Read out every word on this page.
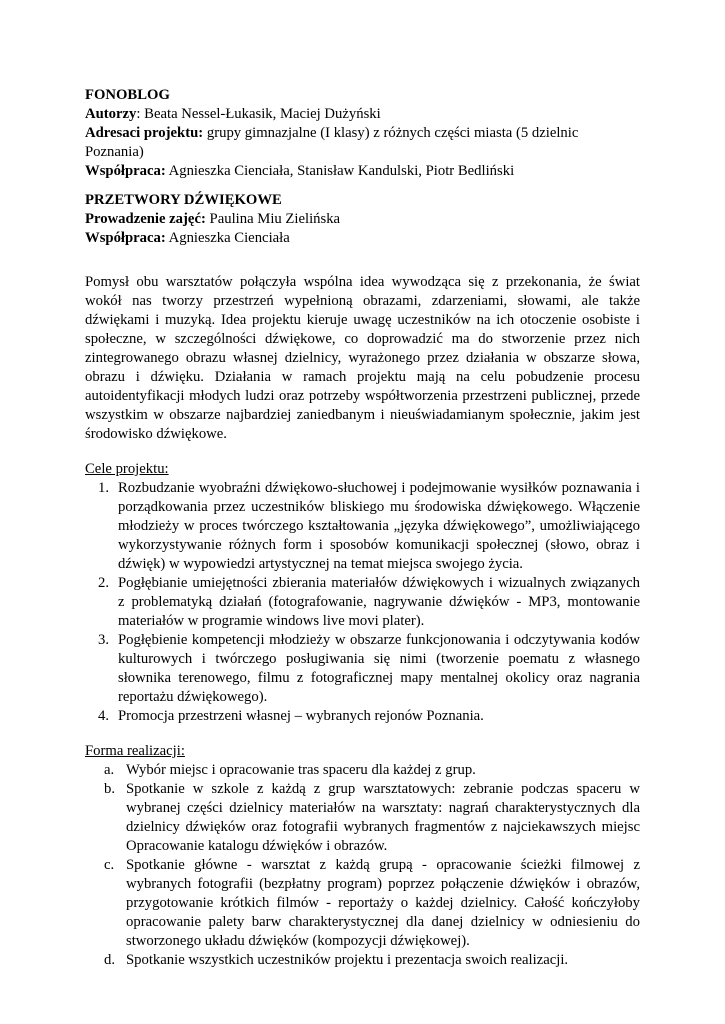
FONOBLOG

Autorzy: Beata Nessel-Łukasik, Maciej Dużyński

Adresaci projektu: grupy gimnazjalne (I klasy) z różnych części miasta (5 dzielnic Poznania)

Współpraca: Agnieszka Cienciała, Stanisław Kandulski, Piotr Bedliński

PRZETWORY DŹWIĘKOWE

Prowadzenie zajęć: Paulina Miu Zielińska

Współpraca: Agnieszka Cienciała

Pomysł obu warsztatów połączyła wspólna idea wywodząca się z przekonania, że świat wokół nas tworzy przestrzeń wypełnioną obrazami, zdarzeniami, słowami, ale także dźwiękami i muzyką. Idea projektu kieruje uwagę uczestników na ich otoczenie osobiste i społeczne, w szczególności dźwiękowe, co doprowadzić ma do stworzenie przez nich zintegrowanego obrazu własnej dzielnicy, wyrażonego przez działania w obszarze słowa, obrazu i dźwięku. Działania w ramach projektu mają na celu pobudzenie procesu autoidentyfikacji młodych ludzi oraz potrzeby współtworzenia przestrzeni publicznej, przede wszystkim w obszarze najbardziej zaniedbanym i nieuświadamianym społecznie, jakim jest środowisko dźwiękowe.

Cele projektu:

1. Rozbudzanie wyobraźni dźwiękowo-słuchowej i podejmowanie wysiłków poznawania i porządkowania przez uczestników bliskiego mu środowiska dźwiękowego. Włączenie młodzieży w proces twórczego kształtowania „języka dźwiękowego”, umożliwiającego wykorzystywanie różnych form i sposobów komunikacji społecznej (słowo, obraz i dźwięk) w wypowiedzi artystycznej na temat miejsca swojego życia.
2. Pogłębianie umiejętności zbierania materiałów dźwiękowych i wizualnych związanych z problematyką działań (fotografowanie, nagrywanie dźwięków - MP3, montowanie materiałów w programie windows live movi plater).
3. Pogłębienie kompetencji młodzieży w obszarze funkcjonowania i odczytywania kodów kulturowych i twórczego posługiwania się nimi (tworzenie poematu z własnego słownika terenowego, filmu z fotograficznej mapy mentalnej okolicy oraz nagrania reportażu dźwiękowego).
4. Promocja przestrzeni własnej – wybranych rejonów Poznania.

Forma realizacji:

a. Wybór miejsc i opracowanie tras spaceru dla każdej z grup.
b. Spotkanie w szkole z każdą z grup warsztatowych: zebranie podczas spaceru w wybranej części dzielnicy materiałów na warsztaty: nagrań charakterystycznych dla dzielnicy dźwięków oraz fotografii wybranych fragmentów z najciekawszych miejsc Opracowanie katalogu dźwięków i obrazów.
c. Spotkanie główne - warsztat z każdą grupą - opracowanie ścieżki filmowej z wybranych fotografii (bezpłatny program) poprzez połączenie dźwięków i obrazów, przygotowanie krótkich filmów - reportaży o każdej dzielnicy. Całość kończyłoby opracowanie palety barw charakterystycznej dla danej dzielnicy w odniesieniu do stworzonego układu dźwięków (kompozycji dźwiękowej).
d. Spotkanie wszystkich uczestników projektu i prezentacja swoich realizacji.
